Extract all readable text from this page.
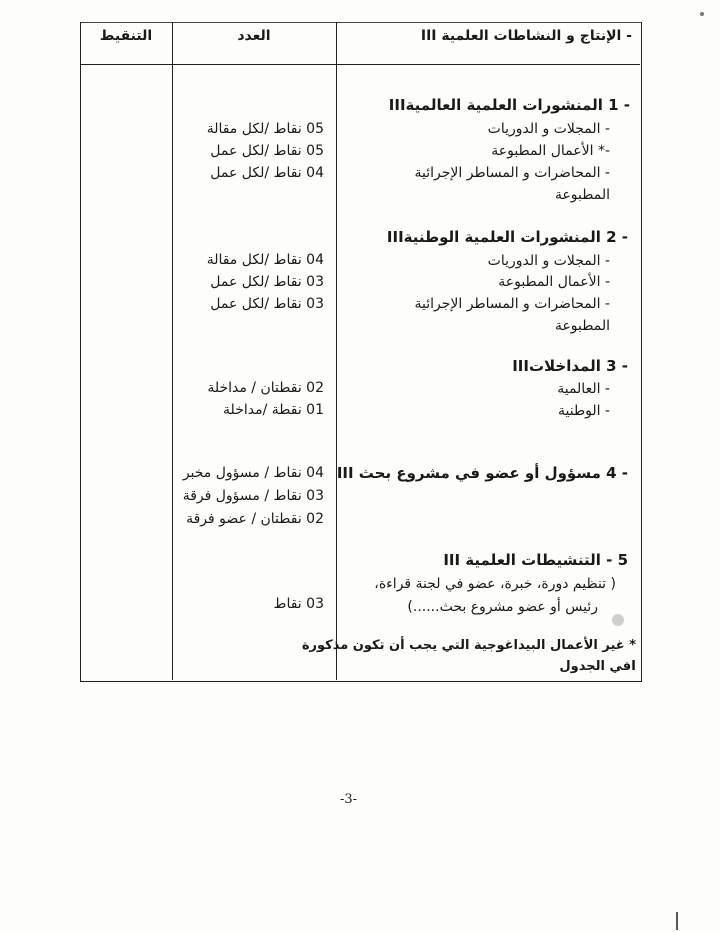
- الإنتاج و النشاطات العلمية III
العدد
التنقيط
- 1 المنشورات العلمية العالميةIII
- المجلات و الدوريات
-* الأعمال المطبوعة
- المحاضرات و المساطر الإجرائية
المطبوعة
05 نقاط /لكل مقالة
05 نقاط /لكل عمل
04 نقاط /لكل عمل
- 2 المنشورات العلمية الوطنيةIII
- المجلات و الدوريات
- الأعمال المطبوعة
- المحاضرات و المساطر الإجرائية
المطبوعة
04 نقاط /لكل مقالة
03 نقاط /لكل عمل
03 نقاط /لكل عمل
- 3 المداخلاتIII
- العالمية
- الوطنية
02 نقطتان / مداخلة
01 نقطة /مداخلة
- 4 مسؤول أو عضو في مشروع بحث III
04 نقاط / مسؤول مخبر
03 نقاط / مسؤول فرقة
02 نقطتان / عضو فرقة
5 - التنشيطات العلمية III
( تنظيم دورة، خبرة، عضو في لجنة قراءة،
رئيس أو عضو مشروع بحث......)
03 نقاط
* غير الأعمال البيداغوجية التي يجب أن تكون مذكورة
Iفي الجدول
-3-
